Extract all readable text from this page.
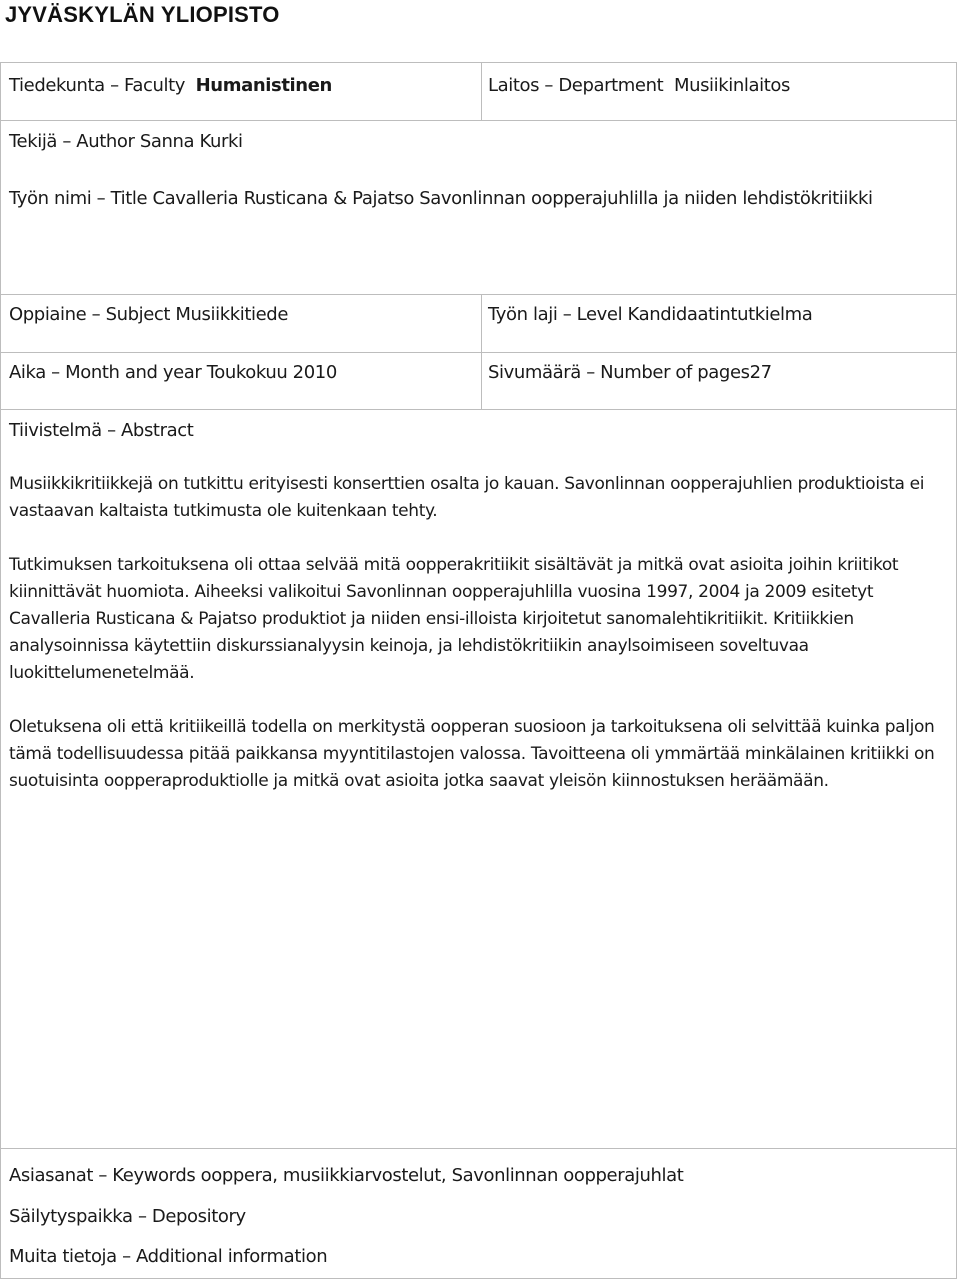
JYVÄSKYLÄN YLIOPISTO
Tiedekunta – Faculty Humanistinen	Laitos – Department Musiikinlaitos
Tekijä – Author Sanna Kurki
Työn nimi – Title Cavalleria Rusticana & Pajatso Savonlinnan oopperajuhlilla ja niiden lehdistökritiikki
Oppiaine – Subject Musiikkitiede	Työn laji – Level Kandidaatintutkielma
Aika – Month and year Toukokuu 2010	Sivumäärä – Number of pages27
Tiivistelmä – Abstract

Musiikkikritiikkejä on tutkittu erityisesti konserttien osalta jo kauan. Savonlinnan oopperajuhlien produktioista ei vastaavan kaltaista tutkimusta ole kuitenkaan tehty.

Tutkimuksen tarkoituksena oli ottaa selvää mitä oopperakritiikit sisältävät ja mitkä ovat asioita joihin kriitikot kiinnittävät huomiota. Aiheeksi valikoitui Savonlinnan oopperajuhlilla vuosina 1997, 2004 ja 2009 esitetyt Cavalleria Rusticana & Pajatso produktiot ja niiden ensi-illoista kirjoitetut sanomalehtikritiikit. Kritiikkien analysoinnissa käytettiin diskurssianalyysin keinoja, ja lehdistökritiikin anaylsoimiseen soveltuvaa luokittelumenetelmää.

Oletuksena oli että kritiikeillä todella on merkitystä oopperan suosioon ja tarkoituksena oli selvittää kuinka paljon tämä todellisuudessa pitää paikkansa myyntitilastojen valossa. Tavoitteena oli ymmärtää minkälainen kritiikki on suotuisinta oopperaproduktiolle ja mitkä ovat asioita jotka saavat yleisön kiinnostuksen heräämään.

Asiasanat – Keywords ooppera, musiikkiarvostelut, Savonlinnan oopperajuhlat
Säilytyspaikka – Depository
Muita tietoja – Additional information
